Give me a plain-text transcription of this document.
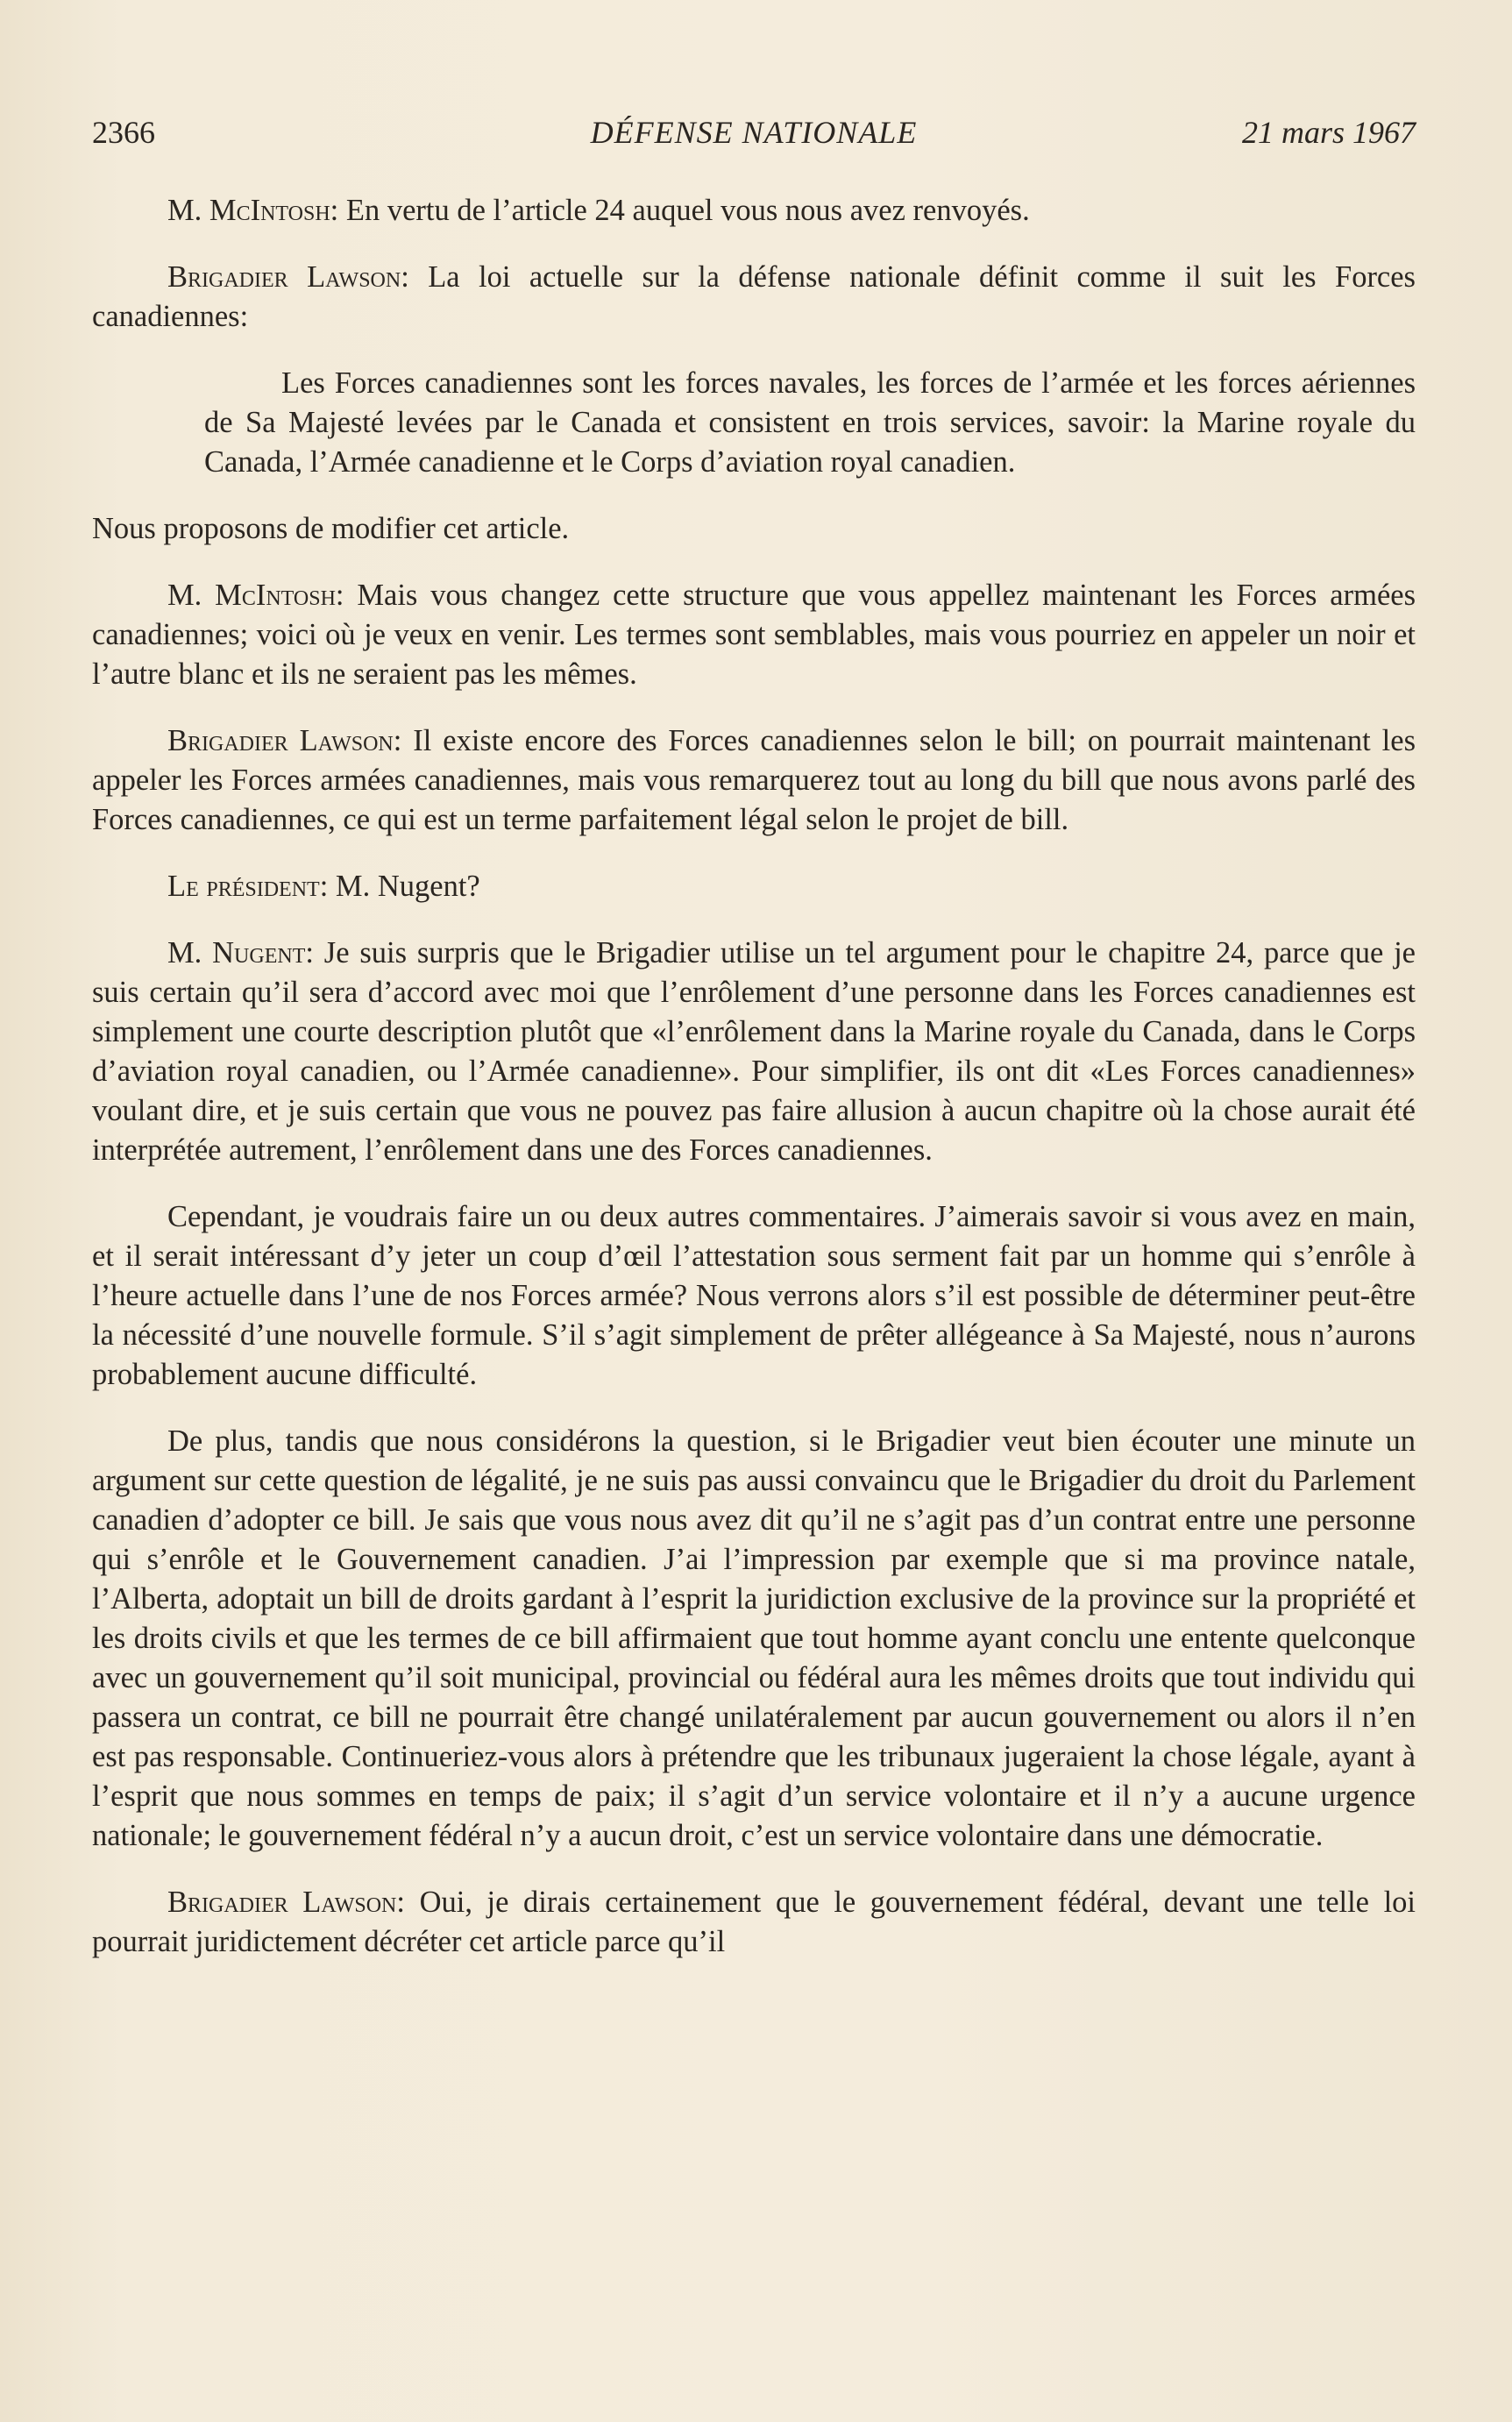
2366	DÉFENSE NATIONALE	21 mars 1967

M. McIntosh: En vertu de l’article 24 auquel vous nous avez renvoyés.

Brigadier Lawson: La loi actuelle sur la défense nationale définit comme il suit les Forces canadiennes:

Les Forces canadiennes sont les forces navales, les forces de l’armée et les forces aériennes de Sa Majesté levées par le Canada et consistent en trois services, savoir: la Marine royale du Canada, l’Armée canadienne et le Corps d’aviation royal canadien.

Nous proposons de modifier cet article.

M. McIntosh: Mais vous changez cette structure que vous appellez maintenant les Forces armées canadiennes; voici où je veux en venir. Les termes sont semblables, mais vous pourriez en appeler un noir et l’autre blanc et ils ne seraient pas les mêmes.

Brigadier Lawson: Il existe encore des Forces canadiennes selon le bill; on pourrait maintenant les appeler les Forces armées canadiennes, mais vous remarquerez tout au long du bill que nous avons parlé des Forces canadiennes, ce qui est un terme parfaitement légal selon le projet de bill.

Le président: M. Nugent?

M. Nugent: Je suis surpris que le Brigadier utilise un tel argument pour le chapitre 24, parce que je suis certain qu’il sera d’accord avec moi que l’enrôlement d’une personne dans les Forces canadiennes est simplement une courte description plutôt que «l’enrôlement dans la Marine royale du Canada, dans le Corps d’aviation royal canadien, ou l’Armée canadienne». Pour simplifier, ils ont dit «Les Forces canadiennes» voulant dire, et je suis certain que vous ne pouvez pas faire allusion à aucun chapitre où la chose aurait été interprétée autrement, l’enrôlement dans une des Forces canadiennes.

Cependant, je voudrais faire un ou deux autres commentaires. J’aimerais savoir si vous avez en main, et il serait intéressant d’y jeter un coup d’œil l’attestation sous serment fait par un homme qui s’enrôle à l’heure actuelle dans l’une de nos Forces armée? Nous verrons alors s’il est possible de déterminer peut-être la nécessité d’une nouvelle formule. S’il s’agit simplement de prêter allégeance à Sa Majesté, nous n’aurons probablement aucune difficulté.

De plus, tandis que nous considérons la question, si le Brigadier veut bien écouter une minute un argument sur cette question de légalité, je ne suis pas aussi convaincu que le Brigadier du droit du Parlement canadien d’adopter ce bill. Je sais que vous nous avez dit qu’il ne s’agit pas d’un contrat entre une personne qui s’enrôle et le Gouvernement canadien. J’ai l’impression par exemple que si ma province natale, l’Alberta, adoptait un bill de droits gardant à l’esprit la juridiction exclusive de la province sur la propriété et les droits civils et que les termes de ce bill affirmaient que tout homme ayant conclu une entente quelconque avec un gouvernement qu’il soit municipal, provincial ou fédéral aura les mêmes droits que tout individu qui passera un contrat, ce bill ne pourrait être changé unilatéralement par aucun gouvernement ou alors il n’en est pas responsable. Continueriez-vous alors à prétendre que les tribunaux jugeraient la chose légale, ayant à l’esprit que nous sommes en temps de paix; il s’agit d’un service volontaire et il n’y a aucune urgence nationale; le gouvernement fédéral n’y a aucun droit, c’est un service volontaire dans une démocratie.

Brigadier Lawson: Oui, je dirais certainement que le gouvernement fédéral, devant une telle loi pourrait juridictement décréter cet article parce qu’il
